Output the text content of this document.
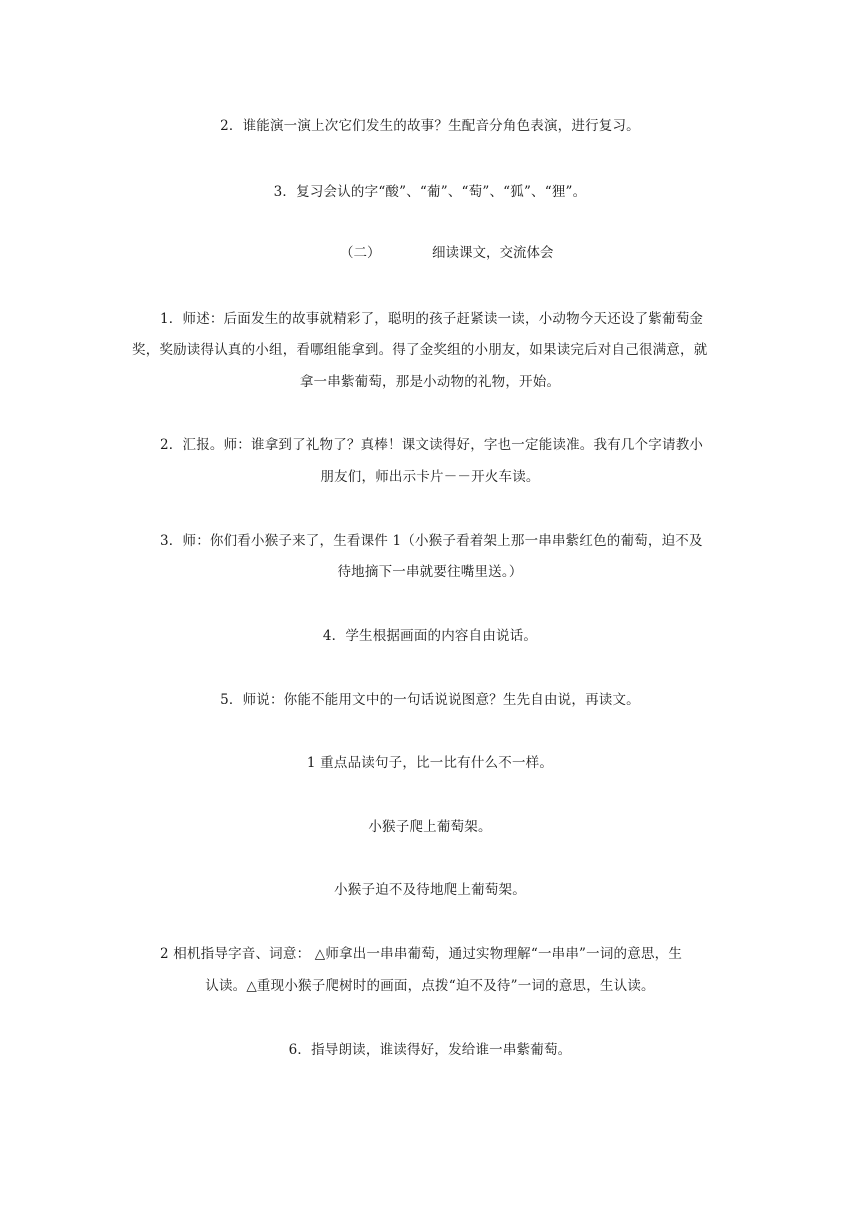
2．谁能演一演上次它们发生的故事？生配音分角色表演，进行复习。
3．复习会认的字“酸”、“葡”、“萄”、“狐”、“狸”。
（二）	细读课文，交流体会
1．师述：后面发生的故事就精彩了，聪明的孩子赶紧读一读，小动物今天还设了紫葡萄金
奖，奖励读得认真的小组，看哪组能拿到。得了金奖组的小朋友，如果读完后对自己很满意，就
拿一串紫葡萄，那是小动物的礼物，开始。
2．汇报。师：谁拿到了礼物了？真棒！课文读得好，字也一定能读准。我有几个字请教小
朋友们，师出示卡片－－开火车读。
3．师：你们看小猴子来了，生看课件 1（小猴子看着架上那一串串紫红色的葡萄，迫不及
待地摘下一串就要往嘴里送。）
4．学生根据画面的内容自由说话。
5．师说：你能不能用文中的一句话说说图意？生先自由说，再读文。
1 重点品读句子，比一比有什么不一样。
小猴子爬上葡萄架。
小猴子迫不及待地爬上葡萄架。
2 相机指导字音、词意： △师拿出一串串葡萄，通过实物理解“一串串”一词的意思，生
认读。△重现小猴子爬树时的画面，点拨“迫不及待”一词的意思，生认读。
6．指导朗读，谁读得好，发给谁一串紫葡萄。
